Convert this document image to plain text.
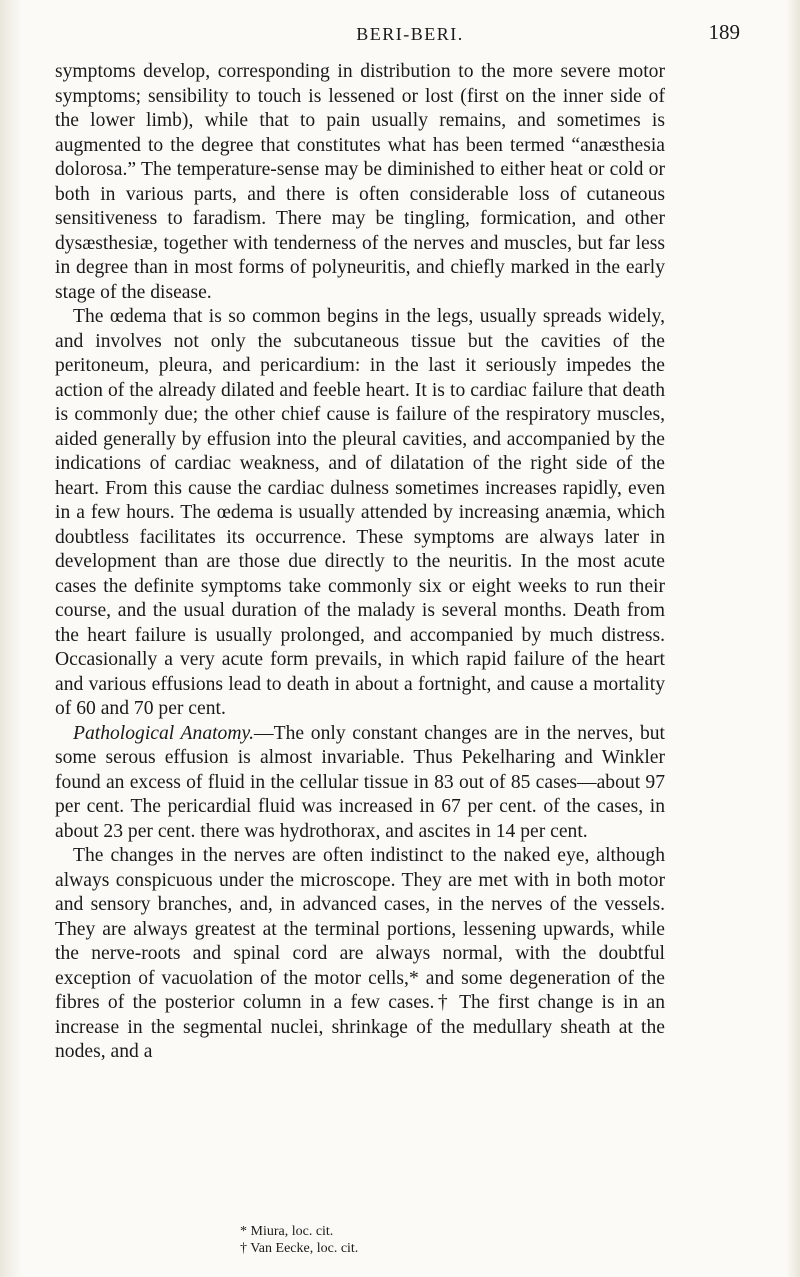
BERI-BERI.	189

symptoms develop, corresponding in distribution to the more severe motor symptoms; sensibility to touch is lessened or lost (first on the inner side of the lower limb), while that to pain usually remains, and sometimes is augmented to the degree that constitutes what has been termed “anæsthesia dolorosa.” The temperature-sense may be diminished to either heat or cold or both in various parts, and there is often considerable loss of cutaneous sensitiveness to faradism. There may be tingling, formication, and other dysæsthesiæ, together with tenderness of the nerves and muscles, but far less in degree than in most forms of polyneuritis, and chiefly marked in the early stage of the disease.

The œdema that is so common begins in the legs, usually spreads widely, and involves not only the subcutaneous tissue but the cavities of the peritoneum, pleura, and pericardium: in the last it seriously impedes the action of the already dilated and feeble heart. It is to cardiac failure that death is commonly due; the other chief cause is failure of the respiratory muscles, aided generally by effusion into the pleural cavities, and accompanied by the indications of cardiac weakness, and of dilatation of the right side of the heart. From this cause the cardiac dulness sometimes increases rapidly, even in a few hours. The œdema is usually attended by increasing anæmia, which doubtless facilitates its occurrence. These symptoms are always later in development than are those due directly to the neuritis. In the most acute cases the definite symptoms take commonly six or eight weeks to run their course, and the usual duration of the malady is several months. Death from the heart failure is usually prolonged, and accompanied by much distress. Occasionally a very acute form prevails, in which rapid failure of the heart and various effusions lead to death in about a fortnight, and cause a mortality of 60 and 70 per cent.

Pathological Anatomy.—The only constant changes are in the nerves, but some serous effusion is almost invariable. Thus Pekelharing and Winkler found an excess of fluid in the cellular tissue in 83 out of 85 cases—about 97 per cent. The pericardial fluid was increased in 67 per cent. of the cases, in about 23 per cent. there was hydrothorax, and ascites in 14 per cent.

The changes in the nerves are often indistinct to the naked eye, although always conspicuous under the microscope. They are met with in both motor and sensory branches, and, in advanced cases, in the nerves of the vessels. They are always greatest at the terminal portions, lessening upwards, while the nerve-roots and spinal cord are always normal, with the doubtful exception of vacuolation of the motor cells,* and some degeneration of the fibres of the posterior column in a few cases.† The first change is in an increase in the segmental nuclei, shrinkage of the medullary sheath at the nodes, and a

* Miura, loc. cit.

† Van Eecke, loc. cit.
